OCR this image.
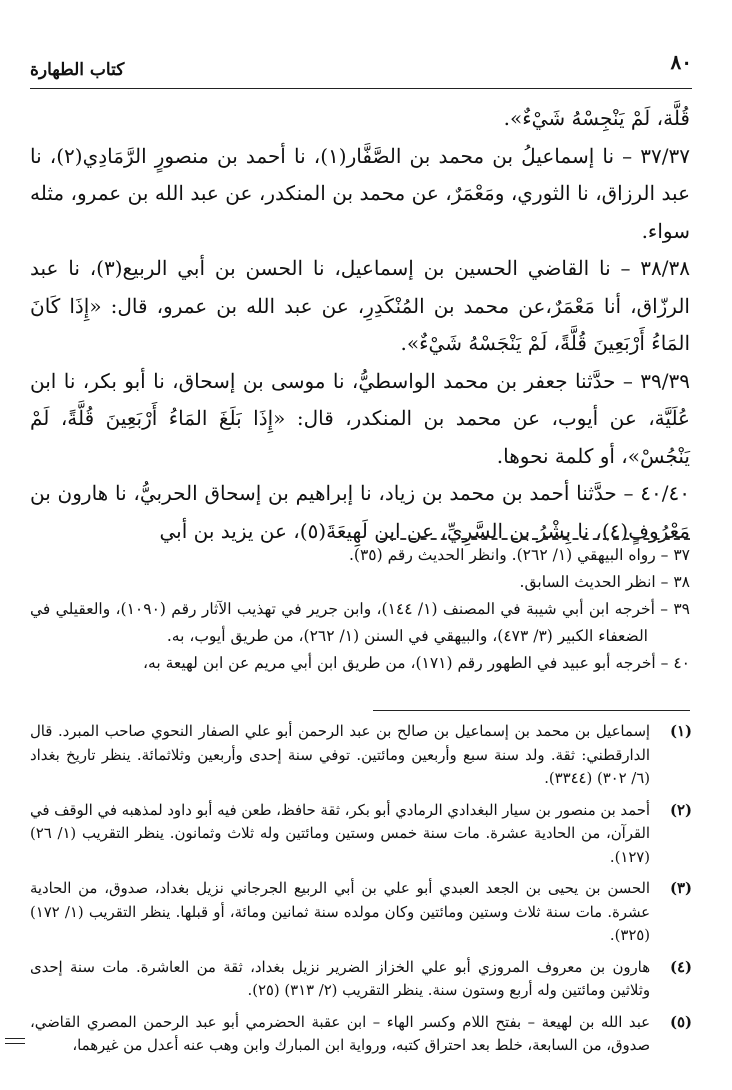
٨٠
كتاب الطهارة

قُلَّة، لَمْ يَنْجِسْهُ شَيْءٌ».

٣٧/٣٧ – نا إسماعيلُ بن محمد بن الصَّفَّار(١)، نا أحمد بن منصورٍ الرَّمَادِي(٢)، نا عبد الرزاق، نا الثوري، ومَعْمَرٌ، عن محمد بن المنكدر، عن عبد الله بن عمرو، مثله سواء.

٣٨/٣٨ – نا القاضي الحسين بن إسماعيل، نا الحسن بن أبي الربيع(٣)، نا عبد الرزّاق، أنا مَعْمَرٌ،عن محمد بن المُنْكَدِرِ، عن عبد الله بن عمرو، قال: «إِذَا كَانَ المَاءُ أَرْبَعِينَ قُلَّةً، لَمْ يَنْجَسْهُ شَيْءٌ».

٣٩/٣٩ – حدَّثنا جعفر بن محمد الواسطيُّ، نا موسى بن إسحاق، نا أبو بكر، نا ابن عُلَيَّة، عن أيوب، عن محمد بن المنكدر، قال: «إِذَا بَلَغَ المَاءُ أَرْبَعِينَ قُلَّةً، لَمْ يَنْجُسْ»، أو كلمة نحوها.

٤٠/٤٠ – حدَّثنا أحمد بن محمد بن زياد، نا إبراهيم بن إسحاق الحربيُّ، نا هارون بن مَعْرُوفٍ(٤)، نا بِشْرُ بن السَّرِيِّ، عن ابن لَهِيعَةَ(٥)، عن يزيد بن أبي

٣٧ – رواه البيهقي (١/ ٢٦٢). وانظر الحديث رقم (٣٥).

٣٨ – انظر الحديث السابق.

٣٩ – أخرجه ابن أبي شيبة في المصنف (١/ ١٤٤)، وابن جرير في تهذيب الآثار رقم (١٠٩٠)، والعقيلي في الضعفاء الكبير (٣/ ٤٧٣)، والبيهقي في السنن (١/ ٢٦٢)، من طريق أيوب، به.

٤٠ – أخرجه أبو عبيد في الطهور رقم (١٧١)، من طريق ابن أبي مريم عن ابن لهيعة به،

(١)
إسماعيل بن محمد بن إسماعيل بن صالح بن عبد الرحمن أبو علي الصفار النحوي صاحب المبرد. قال الدارقطني: ثقة. ولد سنة سبع وأربعين ومائتين. توفي سنة إحدى وأربعين وثلاثمائة. ينظر تاريخ بغداد (٦/ ٣٠٢) (٣٣٤٤).
(٢)
أحمد بن منصور بن سيار البغدادي الرمادي أبو بكر، ثقة حافظ، طعن فيه أبو داود لمذهبه في الوقف في القرآن، من الحادية عشرة. مات سنة خمس وستين ومائتين وله ثلاث وثمانون. ينظر التقريب (١/ ٢٦) (١٢٧).
(٣)
الحسن بن يحيى بن الجعد العبدي أبو علي بن أبي الربيع الجرجاني نزيل بغداد، صدوق، من الحادية عشرة. مات سنة ثلاث وستين ومائتين وكان مولده سنة ثمانين ومائة، أو قبلها. ينظر التقريب (١/ ١٧٢) (٣٢٥).
(٤)
هارون بن معروف المروزي أبو علي الخزاز الضرير نزيل بغداد، ثقة من العاشرة. مات سنة إحدى وثلاثين ومائتين وله أربع وستون سنة. ينظر التقريب (٢/ ٣١٣) (٢٥).
(٥)
عبد الله بن لهيعة – بفتح اللام وكسر الهاء – ابن عقبة الحضرمي أبو عبد الرحمن المصري القاضي، صدوق، من السابعة، خلط بعد احتراق كتبه، ورواية ابن المبارك وابن وهب عنه أعدل من غيرهما،
